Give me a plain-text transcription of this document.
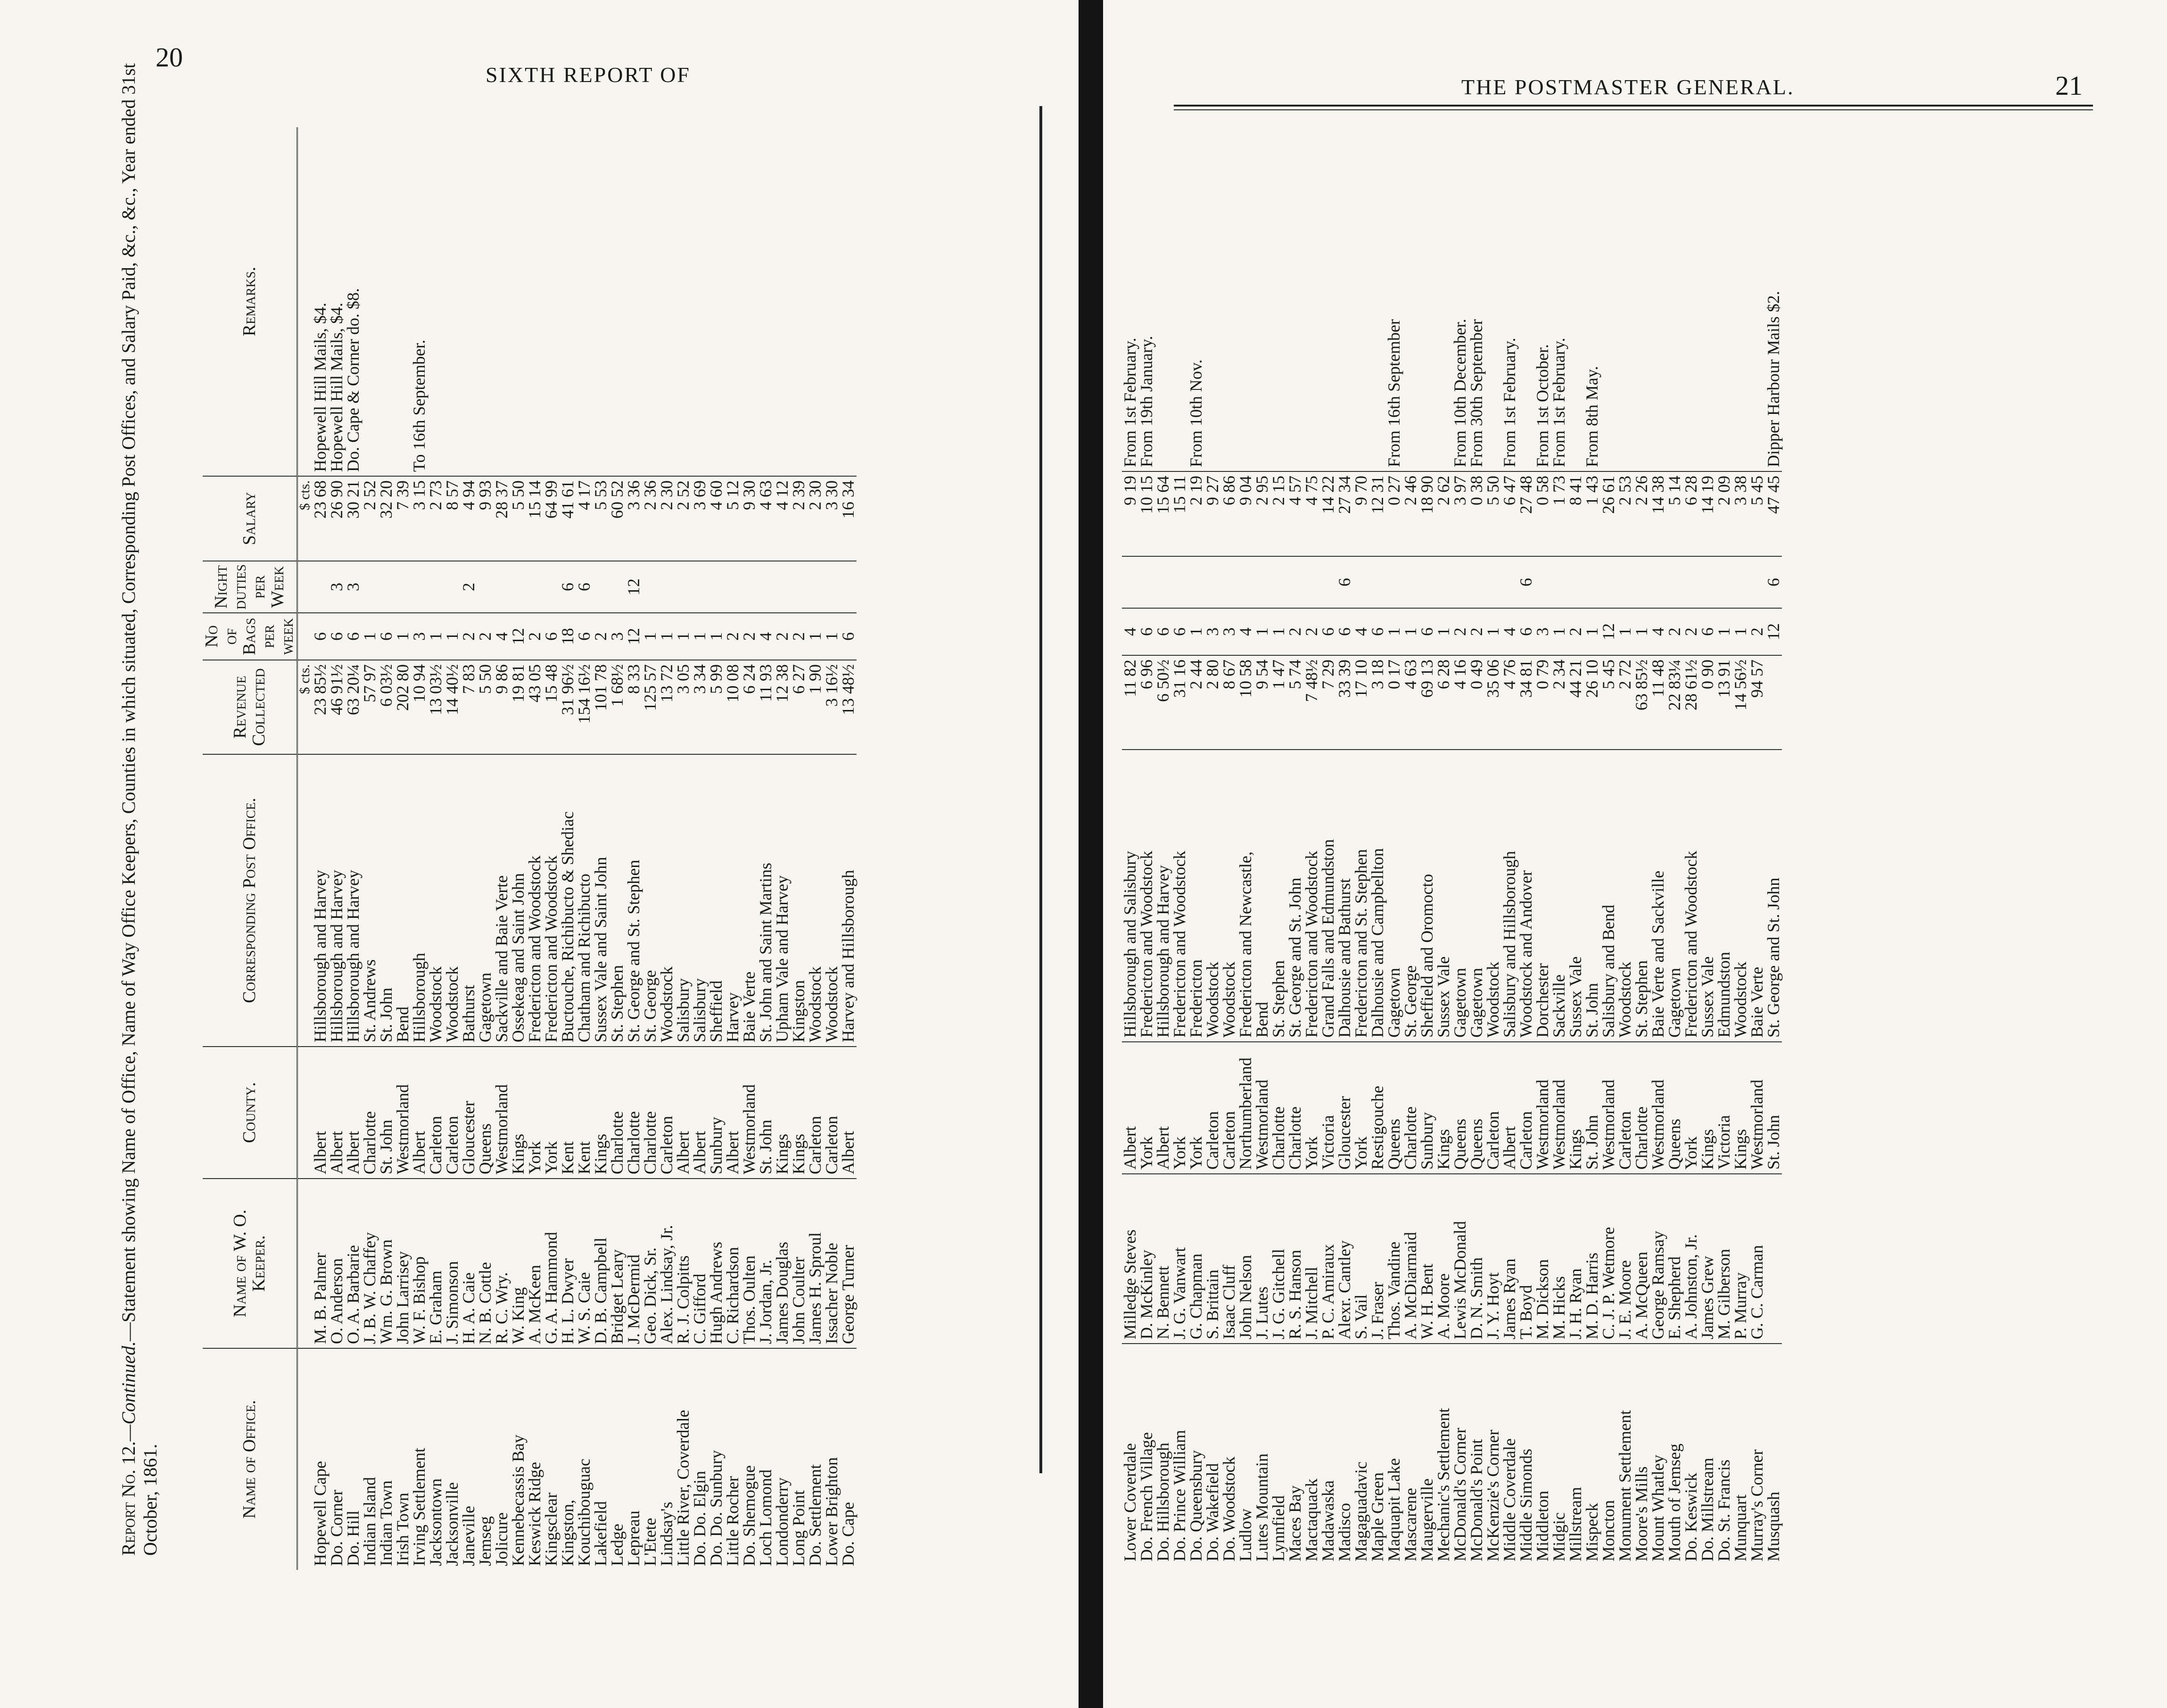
20
SIXTH REPORT OF
Report No. 12.—Continued.—Statement showing Name of Office, Name of Way Office Keepers, Counties in which situated, Corresponding Post Offices, and Salary Paid, &c., &c., Year ended 31st October, 1861.	Name of Office.	Name of W. O. Keeper.	County.	Corresponding Post Office.	Revenue Collected	No of Bags per week	Night duties per Week	Salary	Remarks.
				$ cts.			$ cts.	
Hopewell Cape	M. B. Palmer	Albert	Hillsborough and Harvey	23 85½	6		23 68	Hopewell Hill Mails, $4.
Do. Corner	O. Anderson	Albert	Hillsborough and Harvey	46 91½	6	3	26 90	Hopewell Hill Mails, $4.
Do. Hill	O. A. Barbarie	Albert	Hillsborough and Harvey	63 20¼	6	3	30 21	Do. Cape & Corner do. $8.
Indian Island	J. B. W. Chaffey	Charlotte	St. Andrews	57 97	1		2 52	
Indian Town	Wm. G. Brown	St. John	St. John	6 03½	6		32 20	
Irish Town	John Larrisey	Westmorland	Bend	202 80	1		7 39	
Irving Settlement	W. F. Bishop	Albert	Hillsborough	10 94	3		3 15	To 16th September.
Jacksontown	E. Graham	Carleton	Woodstock	13 03½	1		2 73	
Jacksonville	J. Simonson	Carleton	Woodstock	14 40½	1		8 57	
Janeville	H. A. Caie	Gloucester	Bathurst	7 83	2	2	4 94	
Jemseg	N. B. Cottle	Queens	Gagetown	5 50	2		9 93	
Jolicure	R. C. Wry.	Westmorland	Sackville and Baie Verte	9 86	4		28 37	
Kennebecassis Bay	W. King	Kings	Ossekeag and Saint John	19 81	12		5 50	
Keswick Ridge	A. McKeen	York	Fredericton and Woodstock	43 05	2		15 14	
Kingsclear	G. A. Hammond	York	Fredericton and Woodstock	15 48	6		64 99	
Kingston,	H. L. Dwyer	Kent	Buctouche, Richibucto & Shediac	31 96½	18	6	41 61	
Kouchibouguac	W. S. Caie	Kent	Chatham and Richibucto	154 16½	6	6	4 17	
Lakefield	D. B. Campbell	Kings	Sussex Vale and Saint John	101 78	2		5 53	
Ledge	Bridget Leary	Charlotte	St. Stephen	1 68½	3		60 52	
Lepreau	J. McDermid	Charlotte	St. George and St. Stephen	8 33	12	12	3 36	
L'Etete	Geo. Dick, Sr.	Charlotte	St. George	125 57	1		2 36	
Lindsay's	Alex. Lindsay, Jr.	Carleton	Woodstock	13 72	1		2 30	
Little River, Coverdale	R. J. Colpitts	Albert	Salisbury	3 05	1		2 52	
Do. Do. Elgin	C. Gifford	Albert	Salisbury	3 34	1		3 69	
Do. Do. Sunbury	Hugh Andrews	Sunbury	Sheffield	5 99	1		4 60	
Little Rocher	C. Richardson	Albert	Harvey	10 08	2		5 12	
Do. Shemogue	Thos. Oulten	Westmorland	Baie Verte	6 24	2		9 30	
Loch Lomond	J. Jordan, Jr.	St. John	St. John and Saint Martins	11 93	4		4 63	
Londonderry	James Douglas	Kings	Upham Vale and Harvey	12 38	2		4 12	
Long Point	John Coulter	Kings	Kingston	6 27	2		2 39	
Do. Settlement	James H. Sproul	Carleton	Woodstock	1 90	1		2 30	
Lower Brighton	Issacher Noble	Carleton	Woodstock	3 16½	1		3 30	
Do. Cape	George Turner	Albert	Harvey and Hillsborough	13 48½	6		16 34	
THE POSTMASTER GENERAL.	21
Lower Coverdale	Milledge Steves	Albert	Hillsborough and Salisbury	11 82	4		9 19	From 1st February.
Do. French Village	D. McKinley	York	Fredericton and Woodstock	6 96	6		10 15	From 19th January.
Do. Hillsborough	N. Bennett	Albert	Hillsborough and Harvey	6 50½	6		15 64	
Do. Prince William	J. G. Vanwart	York	Fredericton and Woodstock	31 16	6		15 11	
Do. Queensbury	G. Chapman	York	Fredericton	2 44	1		2 19	From 10th Nov.
Do. Wakefield	S. Brittain	Carleton	Woodstock	2 80	3		9 27	
Do. Woodstock	Isaac Cluff	Carleton	Woodstock	8 67	3		6 86	
Ludlow	John Nelson	Northumberland	Fredericton and Newcastle,	10 58	4		9 04	
Lutes Mountain	J. Lutes	Westmorland	Bend	9 54	1		2 95	
Lynnfield	J. G. Gitchell	Charlotte	St. Stephen	1 47	1		2 15	
Maces Bay	R. S. Hanson	Charlotte	St. George and St. John	5 74	2		4 57	
Mactaquack	J. Mitchell	York	Fredericton and Woodstock	7 48½	2		4 75	
Madawaska	P. C. Amiraux	Victoria	Grand Falls and Edmundston	7 29	6		14 22	
Madisco	Alexr. Cantley	Gloucester	Dalhousie and Bathurst	33 39	6	6	27 34	
Magaguadavic	S. Vail	York	Fredericton and St. Stephen	17 10	4		9 70	
Maple Green	J. Fraser	Restigouche	Dalhousie and Campbellton	3 18	6		12 31	
Maquapit Lake	Thos. Vandine	Queens	Gagetown	0 17	1		0 27	From 16th September
Mascarene	A. McDiarmaid	Charlotte	St. George	4 63	1		2 46	
Maugerville	W. H. Bent	Sunbury	Sheffield and Oromocto	69 13	6		18 90	
Mechanic's Settlement	A. Moore	Kings	Sussex Vale	6 28	1		2 62	
McDonald's Corner	Lewis McDonald	Queens	Gagetown	4 16	2		3 97	From 10th December.
McDonald's Point	D. N. Smith	Queens	Gagetown	0 49	2		0 38	From 30th September
McKenzie's Corner	J. Y. Hoyt	Carleton	Woodstock	35 06	1		5 50	
Middle Coverdale	James Ryan	Albert	Salisbury and Hillsborough	4 76	4		6 47	From 1st February.
Middle Simonds	T. Boyd	Carleton	Woodstock and Andover	34 81	6	6	27 48	
Middleton	M. Dickson	Westmorland	Dorchester	0 79	3		0 58	From 1st October.
Midgic	M. Hicks	Westmorland	Sackville	2 34	1		1 73	From 1st February.
Millstream	J. H. Ryan	Kings	Sussex Vale	44 21	2		8 41	
Mispeck	M. D. Harris	St. John	St. John	26 10	1		1 43	From 8th May.
Moncton	C. J. P. Wetmore	Westmorland	Salisbury and Bend	5 45	12		26 61	
Monument Settlement	J. E. Moore	Carleton	Woodstock	2 72	1		2 53	
Moore's Mills	A. McQueen	Charlotte	St. Stephen	63 85½	1		2 26	
Mount Whatley	George Ramsay	Westmorland	Baie Verte and Sackville	11 48	4		14 38	
Mouth of Jemseg	E. Shepherd	Queens	Gagetown	22 83¼	2		5 14	
Do. Keswick	A. Johnston, Jr.	York	Fredericton and Woodstock	28 61½	2		6 28	
Do. Millstream	James Grew	Kings	Sussex Vale	0 90	6		14 19	
Do. St. Francis	M. Gilberson	Victoria	Edmundston	13 91	1		2 09	
Munquart	P. Murray	Kings	Woodstock	14 56½	1		3 38	
Murray's Corner	G. C. Carman	Westmorland	Baie Verte	94 57	2		5 45	
Musquash		St. John	St. George and St. John		12	6	47 45	Dipper Harbour Mails $2.
